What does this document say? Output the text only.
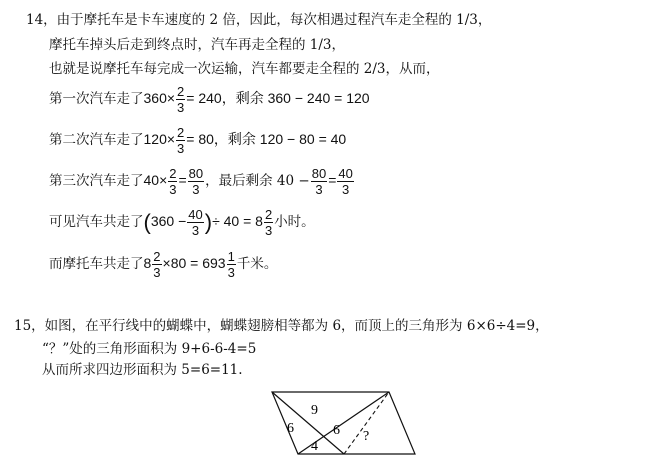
14，由于摩托车是卡车速度的 2 倍，因此，每次相遇过程汽车走全程的 1/3，
摩托车掉头后走到终点时，汽车再走全程的 1/3，
也就是说摩托车每完成一次运输，汽车都要走全程的 2/3，从而，
第一次汽车走了$360\times \frac{2}{3} = 240$，剩余 360 − 240 = 120
第二次汽车走了$120\times \frac{2}{3} = 80$，剩余 120 − 80 = 40
第三次汽车走了$40\times \frac{2}{3} = \frac{80}{3}$ ，最后剩余 $40 - \frac{80}{3} = \frac{40}{3}$
可见汽车共走了($360 - \frac{40}{3}$ )÷ $40 = 8 \frac{2}{3}$ 小时。
而摩托车共走了$8 \frac{2}{3} \times 80 = 693 \frac{1}{3}$ 千米。
15，如图，在平行线中的蝴蝶中，蝴蝶翅膀相等都为 6，而顶上的三角形为 6×6÷4=9，
“？”处的三角形面积为 9+6-6-4=5
从而所求四边形面积为 5=6=11.
9
6	6
4
?
